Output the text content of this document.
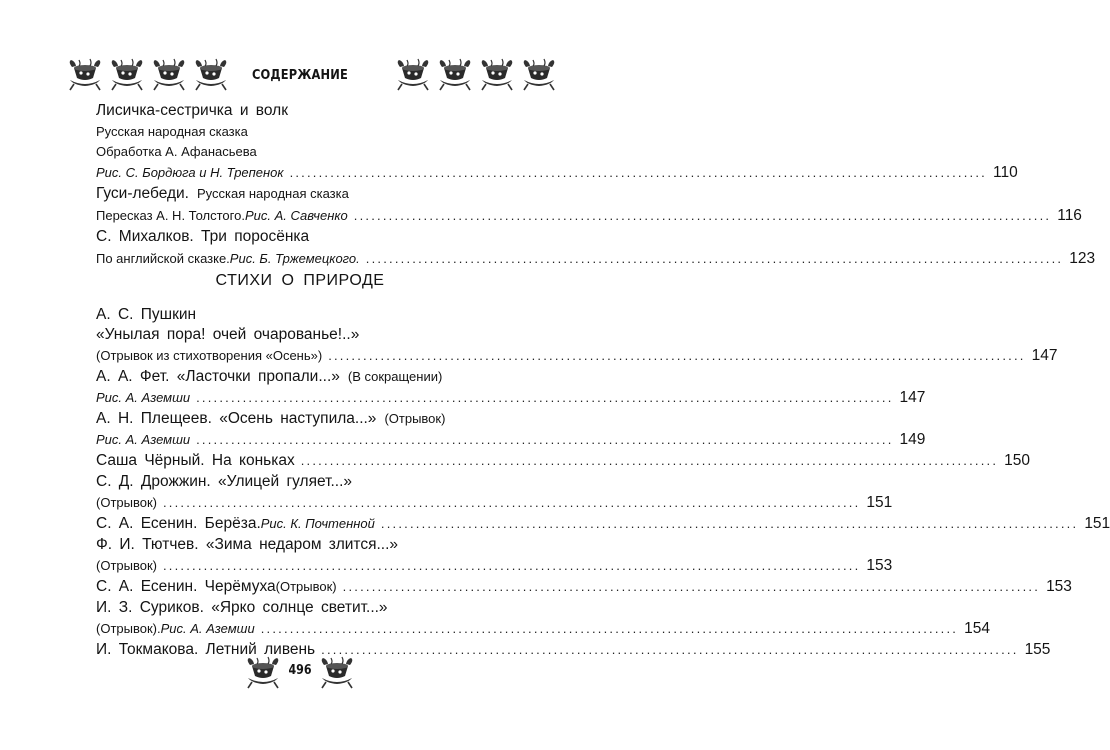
СОДЕРЖАНИЕ
Лисичка-сестричка и волк
Русская народная сказка
Обработка А. Афанасьева
Рис. С. Бордюга и Н. Трепенок ........................................................................................................................ 110
Гуси-лебеди. Русская народная сказка
Пересказ А. Н. Толстого. Рис. А. Савченко ........................................................................................................................ 116
С. Михалков. Три поросёнка
По английской сказке. Рис. Б. Тржемецкого. ........................................................................................................................ 123
СТИХИ О ПРИРОДЕ
А. С. Пушкин
«Унылая пора! очей очарованье!..»
(Отрывок из стихотворения «Осень») ........................................................................................................................ 147
А. А. Фет. «Ласточки пропали...» (В сокращении)
Рис. А. Аземши ........................................................................................................................ 147
А. Н. Плещеев. «Осень наступила...» (Отрывок)
Рис. А. Аземши ........................................................................................................................ 149
Саша Чёрный. На коньках ........................................................................................................................ 150
С. Д. Дрожжин. «Улицей гуляет...»
(Отрывок) ........................................................................................................................ 151
С. А. Есенин. Берёза. Рис. К. Почтенной ........................................................................................................................ 151
Ф. И. Тютчев. «Зима недаром злится...»
(Отрывок) ........................................................................................................................ 153
С. А. Есенин. Черёмуха (Отрывок) ........................................................................................................................ 153
И. З. Суриков. «Ярко солнце светит...»
(Отрывок). Рис. А. Аземши ........................................................................................................................ 154
И. Токмакова. Летний ливень ........................................................................................................................ 155
496
